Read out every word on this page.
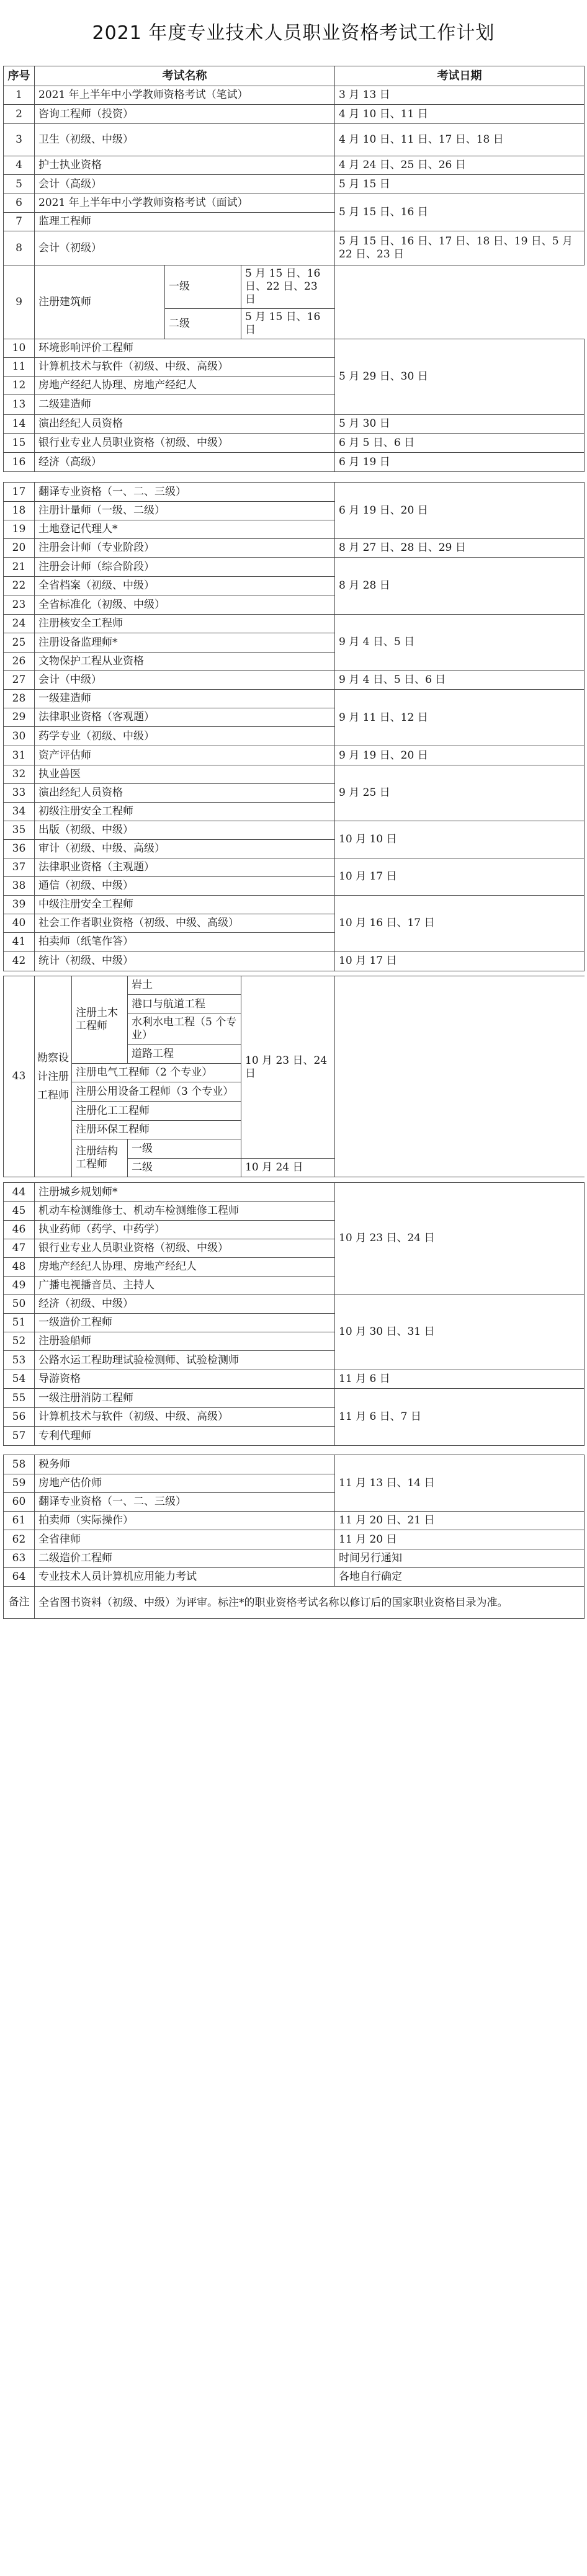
2021 年度专业技术人员职业资格考试工作计划
序号	考试名称					考试日期
1	2021 年上半年中小学教师资格考试（笔试）					3 月 13 日
2	咨询工程师（投资）					4 月 10 日、11 日
3	卫生（初级、中级）					4 月 10 日、11 日、17 日、18 日
4	护士执业资格					4 月 24 日、25 日、26 日
5	会计（高级）					5 月 15 日
6	2021 年上半年中小学教师资格考试（面试）					5 月 15 日、16 日
7	监理工程师					
8	会计（初级）					5 月 15 日、16 日、17 日、18 日、19 日、5 月 22 日、23 日
9	注册建筑师			一级	5 月 15 日、16 日、22 日、23 日	
				二级	5 月 15 日、16 日	
10	环境影响评价工程师					5 月 29 日、30 日
11	计算机技术与软件（初级、中级、高级）					
12	房地产经纪人协理、房地产经纪人					
13	二级建造师					
14	演出经纪人员资格					5 月 30 日
15	银行业专业人员职业资格（初级、中级）					6 月 5 日、6 日
16	经济（高级）					6 月 19 日

17	翻译专业资格（一、二、三级）					6 月 19 日、20 日
18	注册计量师（一级、二级）					
19	土地登记代理人*					
20	注册会计师（专业阶段）					8 月 27 日、28 日、29 日
21	注册会计师（综合阶段）					8 月 28 日
22	全省档案（初级、中级）					
23	全省标准化（初级、中级）					
24	注册核安全工程师					9 月 4 日、5 日
25	注册设备监理师*					
26	文物保护工程从业资格					
27	会计（中级）					9 月 4 日、5 日、6 日
28	一级建造师					9 月 11 日、12 日
29	法律职业资格（客观题）					
30	药学专业（初级、中级）					
31	资产评估师					9 月 19 日、20 日
32	执业兽医					9 月 25 日
33	演出经纪人员资格					
34	初级注册安全工程师					
35	出版（初级、中级）					10 月 10 日
36	审计（初级、中级、高级）					
37	法律职业资格（主观题）					10 月 17 日
38	通信（初级、中级）					
39	中级注册安全工程师					10 月 16 日、17 日
40	社会工作者职业资格（初级、中级、高级）					
41	拍卖师（纸笔作答）					
42	统计（初级、中级）					10 月 17 日

43	勘察设计注册工程师	注册土木工程师	岩土		10 月 23 日、24 日	
			港口与航道工程			
			水利水电工程（5 个专业）			
			道路工程			
		注册电气工程师（2 个专业）				
		注册公用设备工程师（3 个专业）				
		注册化工工程师				
		注册环保工程师				
		注册结构工程师	一级			
			二级		10 月 24 日	

44	注册城乡规划师*					10 月 23 日、24 日
45	机动车检测维修士、机动车检测维修工程师					
46	执业药师（药学、中药学）					
47	银行业专业人员职业资格（初级、中级）					
48	房地产经纪人协理、房地产经纪人					
49	广播电视播音员、主持人					
50	经济（初级、中级）					10 月 30 日、31 日
51	一级造价工程师					
52	注册验船师					
53	公路水运工程助理试验检测师、试验检测师					
54	导游资格					11 月 6 日
55	一级注册消防工程师					11 月 6 日、7 日
56	计算机技术与软件（初级、中级、高级）					
57	专利代理师					

58	税务师					11 月 13 日、14 日
59	房地产估价师					
60	翻译专业资格（一、二、三级）					
61	拍卖师（实际操作）					11 月 20 日、21 日
62	全省律师					11 月 20 日
63	二级造价工程师					时间另行通知
64	专业技术人员计算机应用能力考试					各地自行确定
备注	全省图书资料（初级、中级）为评审。标注*的职业资格考试名称以修订后的国家职业资格目录为准。					
